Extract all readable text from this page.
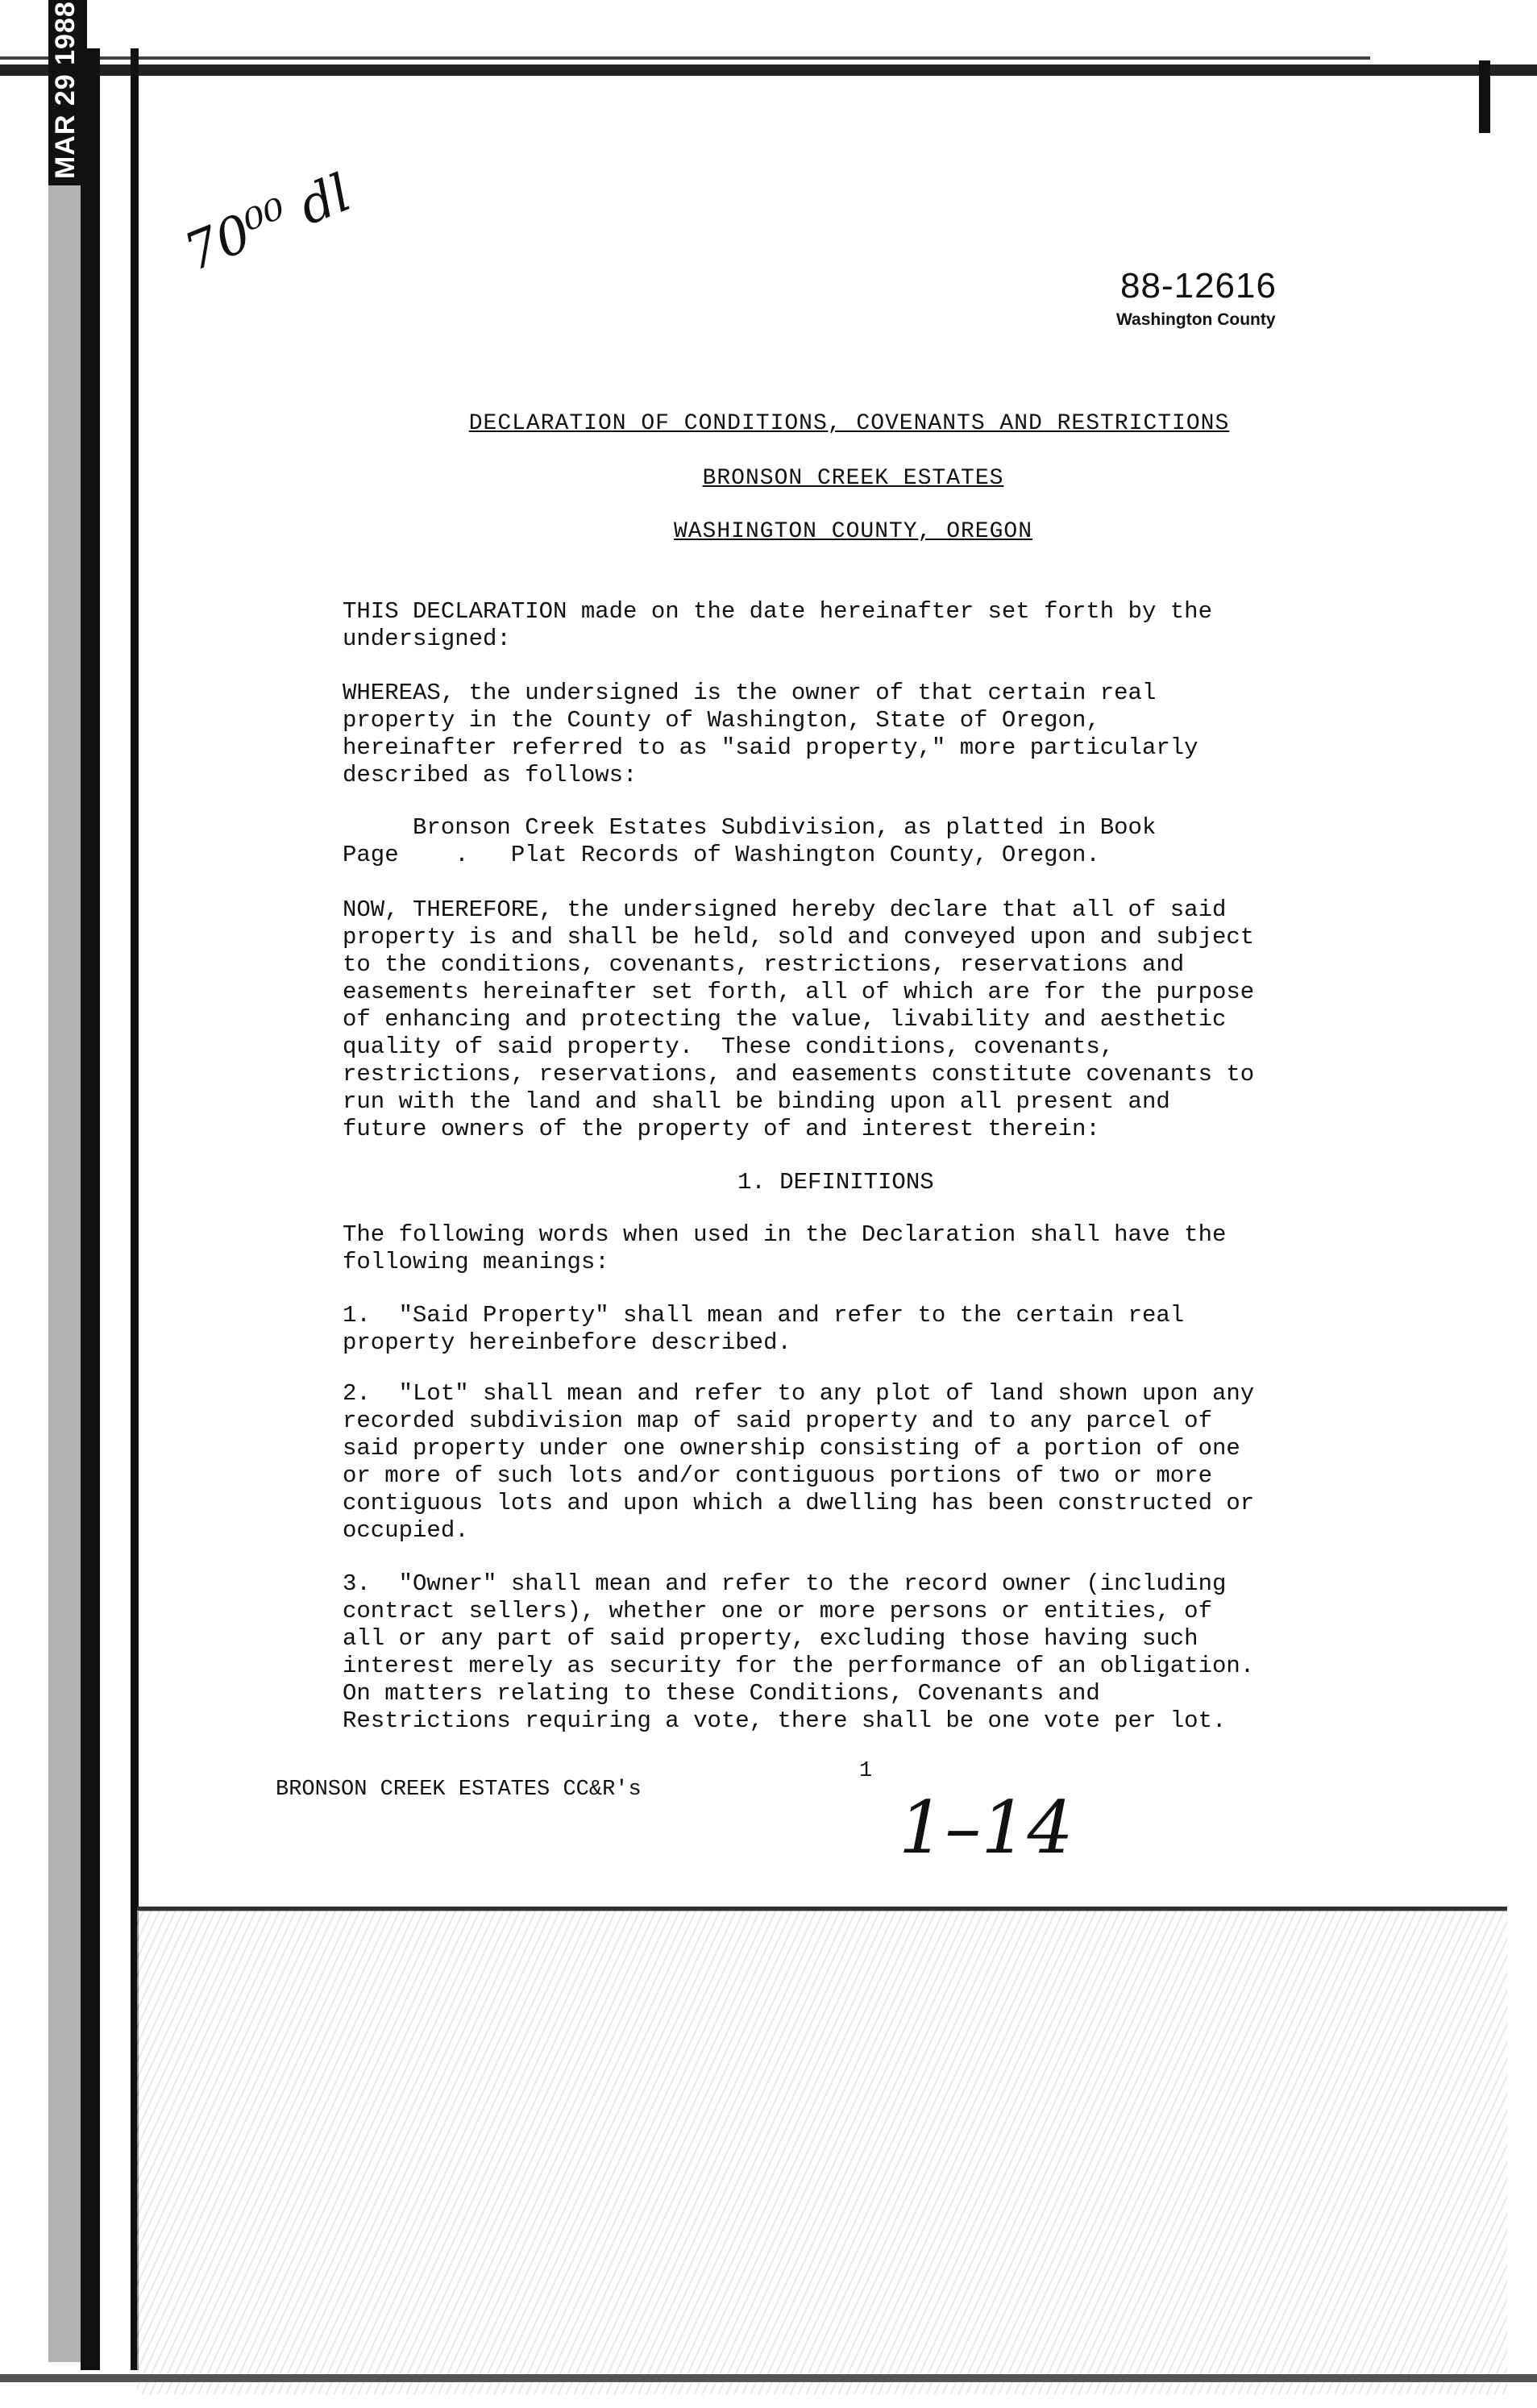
MAR 29 1988
70⁰⁰ dl
88-12616
Washington County
DECLARATION OF CONDITIONS, COVENANTS AND RESTRICTIONS
BRONSON CREEK ESTATES
WASHINGTON COUNTY, OREGON

THIS DECLARATION made on the date hereinafter set forth by the
undersigned:

WHEREAS, the undersigned is the owner of that certain real
property in the County of Washington, State of Oregon,
hereinafter referred to as "said property," more particularly
described as follows:

Bronson Creek Estates Subdivision, as platted in Book
Page    .   Plat Records of Washington County, Oregon.

NOW, THEREFORE, the undersigned hereby declare that all of said
property is and shall be held, sold and conveyed upon and subject
to the conditions, covenants, restrictions, reservations and
easements hereinafter set forth, all of which are for the purpose
of enhancing and protecting the value, livability and aesthetic
quality of said property.  These conditions, covenants,
restrictions, reservations, and easements constitute covenants to
run with the land and shall be binding upon all present and
future owners of the property of and interest therein:

1. DEFINITIONS

The following words when used in the Declaration shall have the
following meanings:

1.  "Said Property" shall mean and refer to the certain real
property hereinbefore described.

2.  "Lot" shall mean and refer to any plot of land shown upon any
recorded subdivision map of said property and to any parcel of
said property under one ownership consisting of a portion of one
or more of such lots and/or contiguous portions of two or more
contiguous lots and upon which a dwelling has been constructed or
occupied.

3.  "Owner" shall mean and refer to the record owner (including
contract sellers), whether one or more persons or entities, of
all or any part of said property, excluding those having such
interest merely as security for the performance of an obligation.
On matters relating to these Conditions, Covenants and
Restrictions requiring a vote, there shall be one vote per lot.

BRONSON CREEK ESTATES CC&R's
1
1–14
